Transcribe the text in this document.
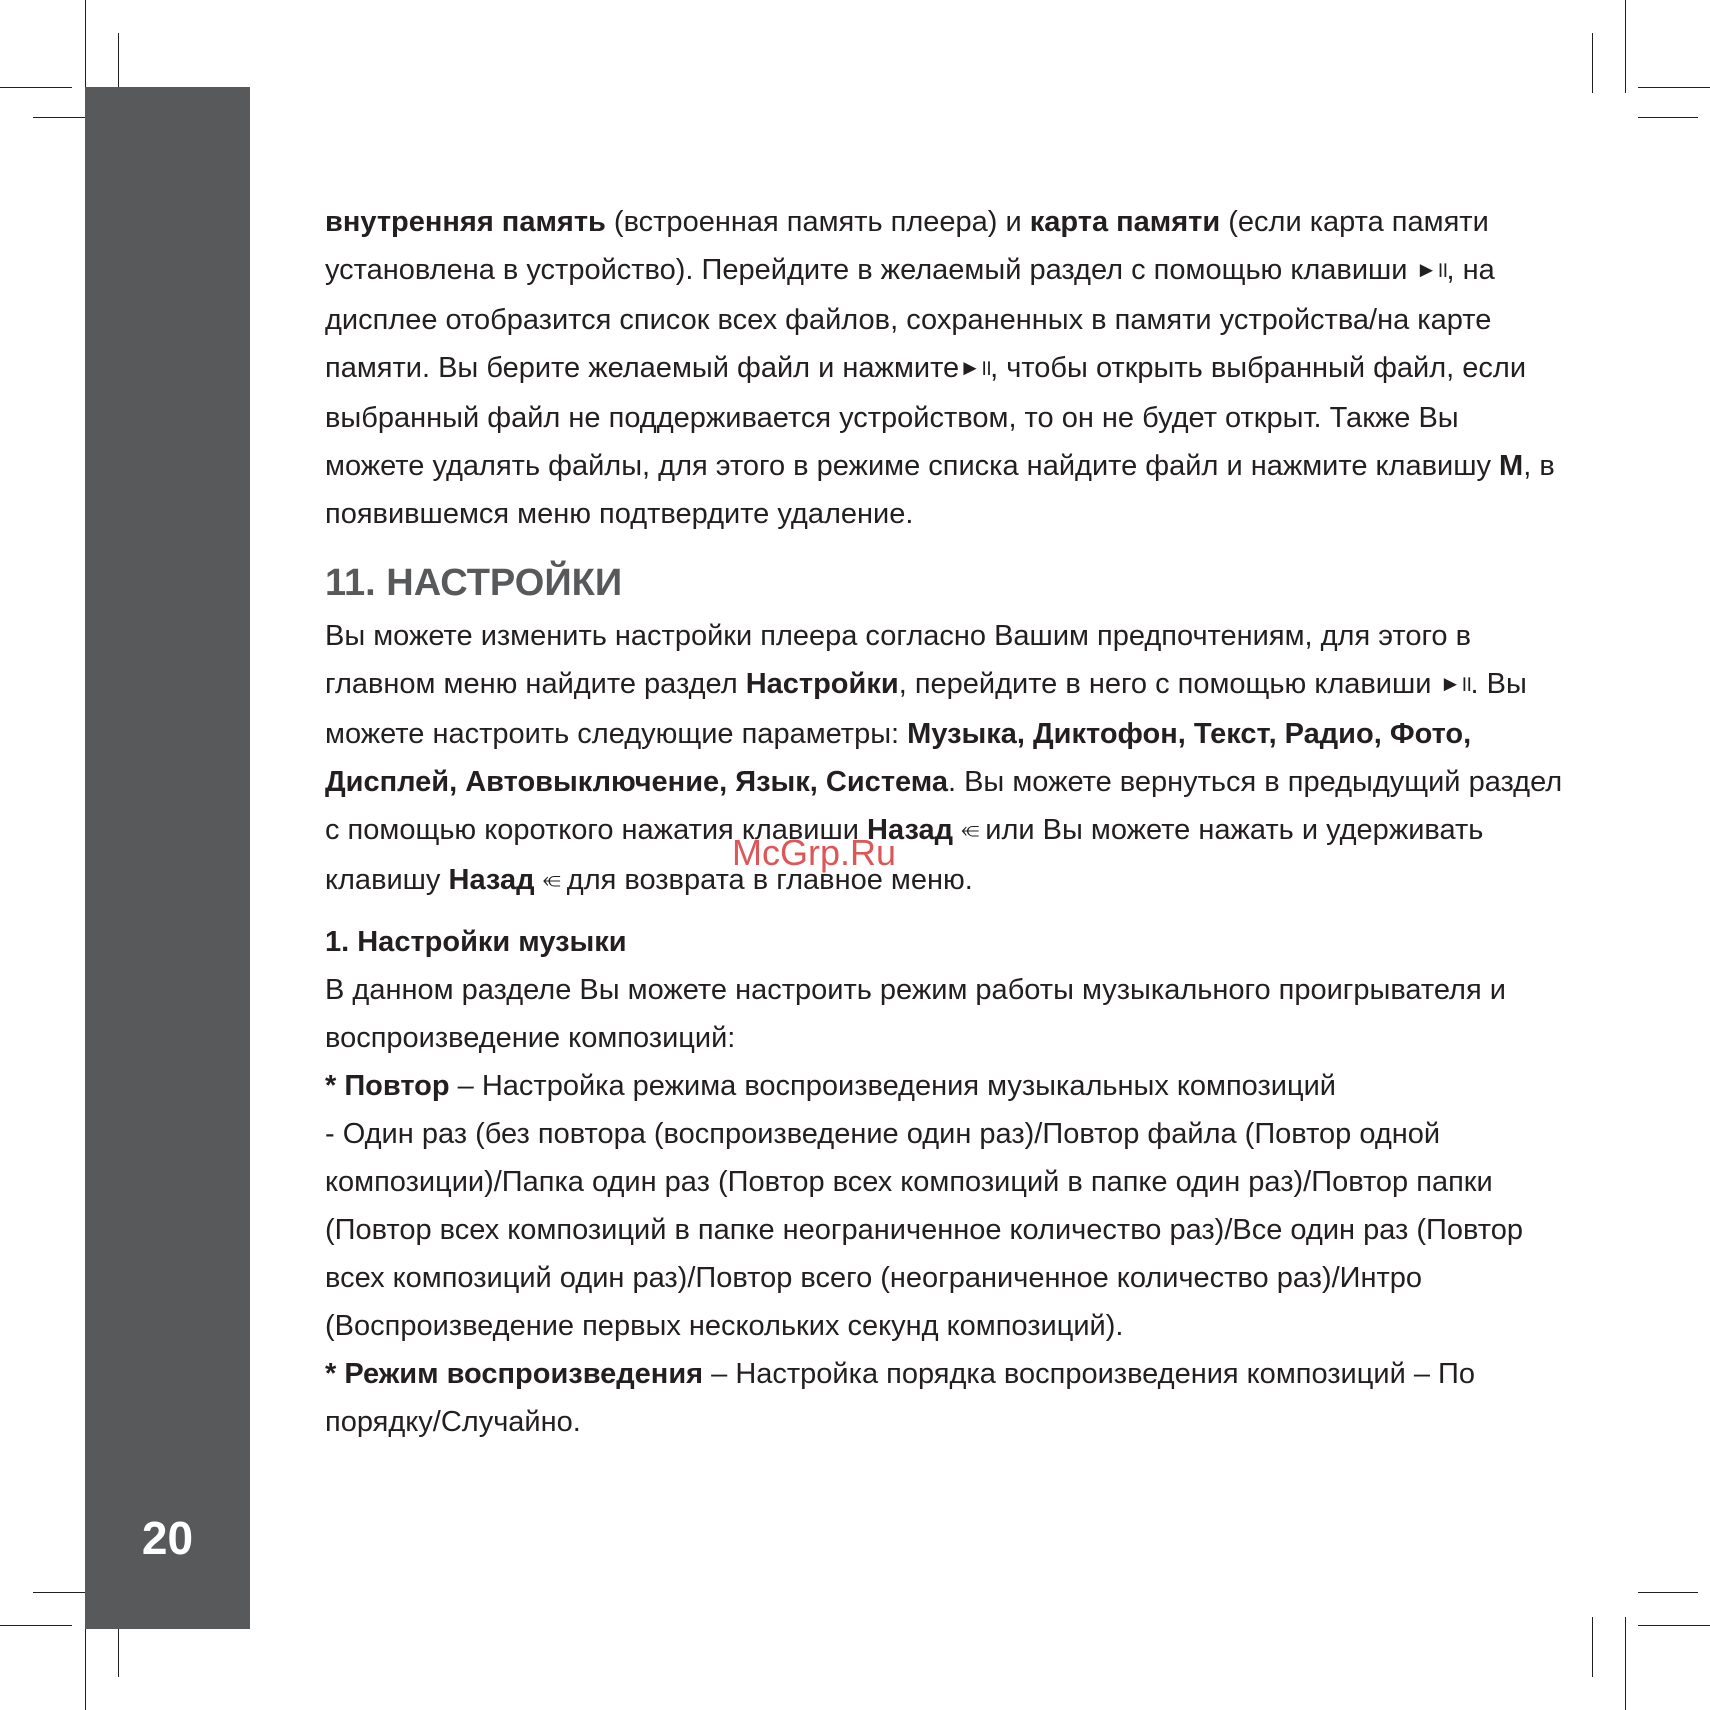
20

внутренняя память (встроенная память плеера) и карта памяти (если карта памяти установлена в устройство). Перейдите в желаемый раздел с помощью клавиши ►॥, на дисплее отобразится список всех файлов, сохраненных в памяти устройства/на карте памяти. Вы берите желаемый файл и нажмите►॥, чтобы открыть выбранный файл, если выбранный файл не поддерживается устройством, то он не будет открыт. Также Вы можете удалять файлы, для этого в режиме списка найдите файл и нажмите клавишу M, в появившемся меню подтвердите удаление.

11. НАСТРОЙКИ

Вы можете изменить настройки плеера согласно Вашим предпочтениям, для этого в главном меню найдите раздел Настройки, перейдите в него с помощью клавиши ►॥. Вы можете настроить следующие параметры: Музыка, Диктофон, Текст, Радио, Фото, Дисплей, Автовыключение, Язык, Система. Вы можете вернуться в предыдущий раздел с помощью короткого нажатия клавиши Назад ⥺ или Вы можете нажать и удерживать клавишу Назад ⥺ для возврата в главное меню.

1. Настройки музыки

В данном разделе Вы можете настроить режим работы музыкального проигрывателя и воспроизведение композиций:

* Повтор – Настройка режима воспроизведения музыкальных композиций

- Один раз (без повтора (воспроизведение один раз)/Повтор файла (Повтор одной композиции)/Папка один раз (Повтор всех композиций в папке один раз)/Повтор папки (Повтор всех композиций в папке неограниченное количество раз)/Все один раз (Повтор всех композиций один раз)/Повтор всего (неограниченное количество раз)/Интро (Воспроизведение первых нескольких секунд композиций).

* Режим воспроизведения – Настройка порядка воспроизведения композиций – По порядку/Случайно.

McGrp.Ru
